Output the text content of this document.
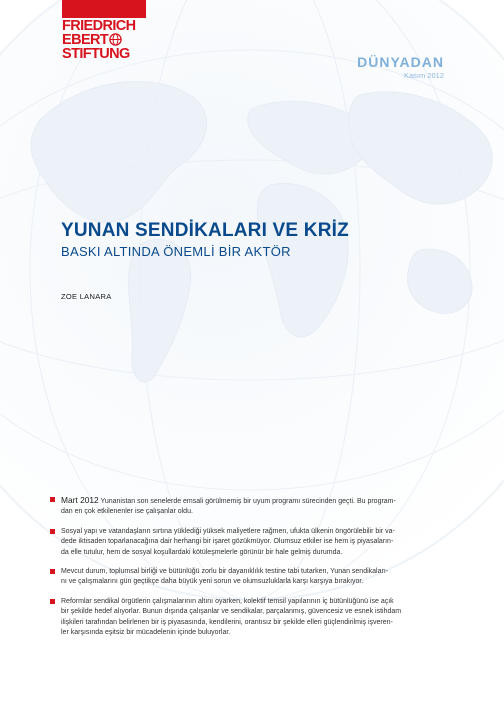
FRIEDRICH
EBERT
STIFTUNG	DÜNYADAN
Kasım 2012
YUNAN SENDİKALARI VE KRİZ
BASKI ALTINDA ÖNEMLİ BİR AKTÖR
ZOE LANARA
Mart 2012 Yunanistan son senelerde emsali görülmemiş bir uyum programı sürecinden geçti. Bu program-
dan en çok etkilenenler ise çalışanlar oldu.
Sosyal yapı ve vatandaşların sırtına yüklediği yüksek maliyetlere rağmen, ufukta ülkenin öngörülebilir bir va-
dede iktisaden toparlanacağına dair herhangi bir işaret gözükmüyor. Olumsuz etkiler ise hem iş piyasaların-
da elle tutulur, hem de sosyal koşullardaki kötüleşmelerle görünür bir hale gelmiş durumda.
Mevcut durum, toplumsal birliği ve bütünlüğü zorlu bir dayanıklılık testine tabi tutarken, Yunan sendikaları-
nı ve çalışmalarını gün geçtikçe daha büyük yeni sorun ve olumsuzluklarla karşı karşıya bırakıyor.
Reformlar sendikal örgütlerin çalışmalarının altını oyarken, kolektif temsil yapılarının iç bütünlüğünü ise açık
bir şekilde hedef alıyorlar. Bunun dışında çalışanlar ve sendikalar, parçalanmış, güvencesiz ve esnek istihdam
ilişkileri tarafından belirlenen bir iş piyasasında, kendilerini, orantısız bir şekilde elleri güçlendirilmiş işveren-
ler karşısında eşitsiz bir mücadelenin içinde buluyorlar.
